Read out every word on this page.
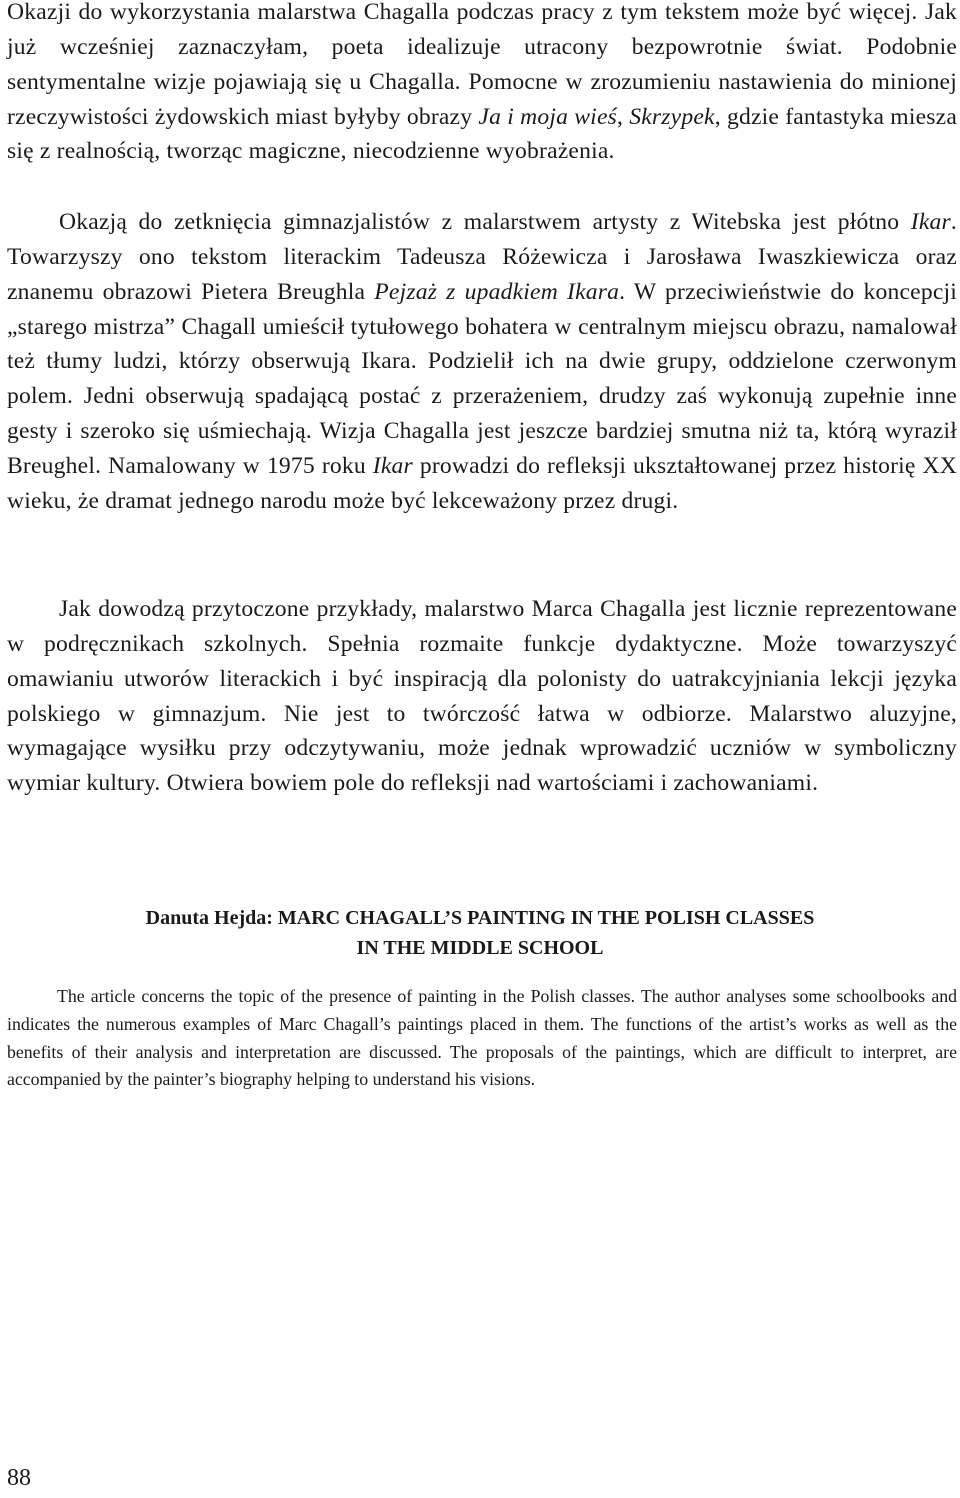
Okazji do wykorzystania malarstwa Chagalla podczas pracy z tym tekstem może być więcej. Jak już wcześniej zaznaczyłam, poeta idealizuje utracony bezpowrotnie świat. Podobnie sentymentalne wizje pojawiają się u Chagalla. Pomocne w zrozumieniu nastawienia do minionej rzeczywistości żydowskich miast byłyby obrazy Ja i moja wieś, Skrzypek, gdzie fantastyka miesza się z realnością, tworząc magiczne, niecodzienne wyobrażenia.

Okazją do zetknięcia gimnazjalistów z malarstwem artysty z Witebska jest płótno Ikar. Towarzyszy ono tekstom literackim Tadeusza Różewicza i Jarosława Iwaszkiewicza oraz znanemu obrazowi Pietera Breughla Pejzaż z upadkiem Ikara. W przeciwieństwie do koncepcji „starego mistrza” Chagall umieścił tytułowego bohatera w centralnym miejscu obrazu, namalował też tłumy ludzi, którzy obserwują Ikara. Podzielił ich na dwie grupy, oddzielone czerwonym polem. Jedni obserwują spadającą postać z przerażeniem, drudzy zaś wykonują zupełnie inne gesty i szeroko się uśmiechają. Wizja Chagalla jest jeszcze bardziej smutna niż ta, którą wyraził Breughel. Namalowany w 1975 roku Ikar prowadzi do refleksji ukształtowanej przez historię XX wieku, że dramat jednego narodu może być lekceważony przez drugi.

Jak dowodzą przytoczone przykłady, malarstwo Marca Chagalla jest licznie reprezentowane w podręcznikach szkolnych. Spełnia rozmaite funkcje dydaktyczne. Może towarzyszyć omawianiu utworów literackich i być inspiracją dla polonisty do uatrakcyjniania lekcji języka polskiego w gimnazjum. Nie jest to twórczość łatwa w odbiorze. Malarstwo aluzyjne, wymagające wysiłku przy odczytywaniu, może jednak wprowadzić uczniów w symboliczny wymiar kultury. Otwiera bowiem pole do refleksji nad wartościami i zachowaniami.

Danuta Hejda: MARC CHAGALL’S PAINTING IN THE POLISH CLASSES
IN THE MIDDLE SCHOOL

The article concerns the topic of the presence of painting in the Polish classes. The author analyses some schoolbooks and indicates the numerous examples of Marc Chagall’s paintings placed in them. The functions of the artist’s works as well as the benefits of their analysis and interpretation are discussed. The proposals of the paintings, which are difficult to interpret, are accompanied by the painter’s biography helping to understand his visions.

88
